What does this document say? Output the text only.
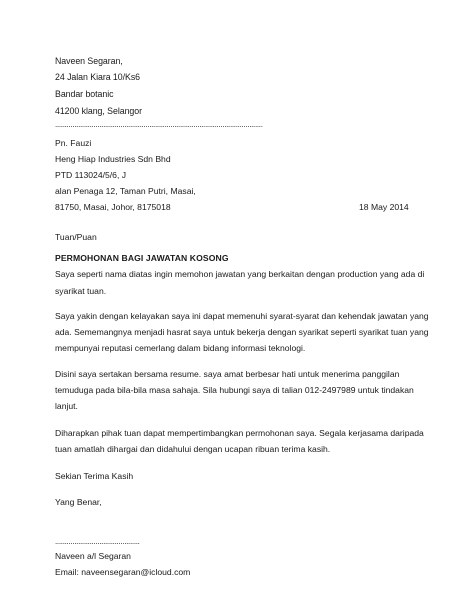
Naveen Segaran,

24 Jalan Kiara 10/Ks6

Bandar botanic

41200 klang, Selangor

............................................................................................................

Pn. Fauzi

Heng Hiap Industries Sdn Bhd

PTD 113024/5/6, J

alan Penaga 12, Taman Putri, Masai,

81750, Masai, Johor, 8175018	18 May 2014

Tuan/Puan

PERMOHONAN BAGI JAWATAN KOSONG

Saya seperti nama diatas ingin memohon jawatan yang berkaitan dengan production yang ada di

syarikat tuan.

Saya yakin dengan kelayakan saya ini dapat memenuhi syarat-syarat dan kehendak jawatan yang

ada. Sememangnya menjadi hasrat saya untuk bekerja dengan syarikat seperti syarikat tuan yang

mempunyai reputasi cemerlang dalam bidang informasi teknologi.

Disini saya sertakan bersama resume. saya amat berbesar hati untuk menerima panggilan

temuduga pada bila-bila masa sahaja. Sila hubungi saya di talian 012-2497989 untuk tindakan

lanjut.

Diharapkan pihak tuan dapat mempertimbangkan permohonan saya. Segala kerjasama daripada

tuan amatlah dihargai dan didahului dengan ucapan ribuan terima kasih.

Sekian Terima Kasih

Yang Benar,

............................................

Naveen a/l Segaran

Email: naveensegaran@icloud.com
